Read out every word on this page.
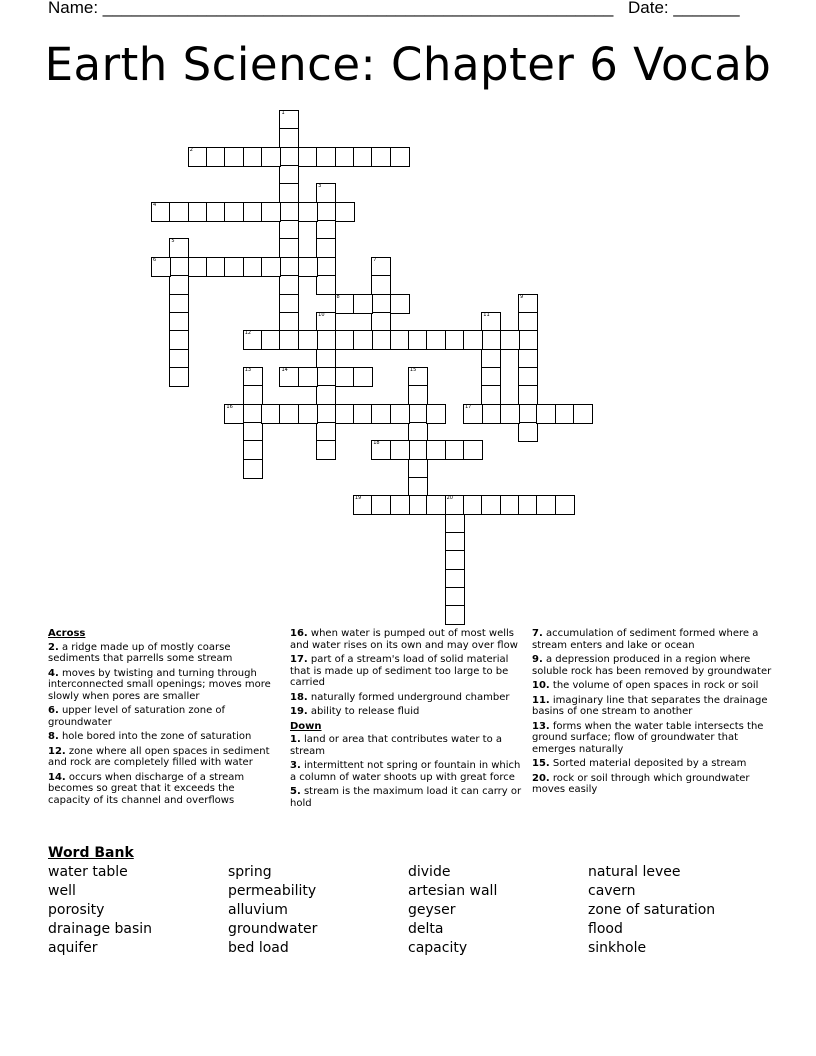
Name: ______________________________________________________ Date: _______
Earth Science: Chapter 6 Vocab
1
2
3
4
5
6	7
8	9
10	11
12
13	14	15
16	17
18
19	20

Across

2. a ridge made up of mostly coarse sediments that parrells some stream

4. moves by twisting and turning through interconnected small openings; moves more slowly when pores are smaller

6. upper level of saturation zone of groundwater

8. hole bored into the zone of saturation

12. zone where all open spaces in sediment and rock are completely filled with water

14. occurs when discharge of a stream becomes so great that it exceeds the capacity of its channel and overflows

16. when water is pumped out of most wells and water rises on its own and may over flow

17. part of a stream's load of solid material that is made up of sediment too large to be carried

18. naturally formed underground chamber

19. ability to release fluid

Down

1. land or area that contributes water to a stream

3. intermittent not spring or fountain in which a column of water shoots up with great force

5. stream is the maximum load it can carry or hold

7. accumulation of sediment formed where a stream enters and lake or ocean

9. a depression produced in a region where soluble rock has been removed by groundwater

10. the volume of open spaces in rock or soil

11. imaginary line that separates the drainage basins of one stream to another

13. forms when the water table intersects the ground surface; flow of groundwater that emerges naturally

15. Sorted material deposited by a stream

20. rock or soil through which groundwater moves easily

Word Bank
water table	spring	divide	natural levee
well	permeability	artesian wall	cavern
porosity	alluvium	geyser	zone of saturation
drainage basin	groundwater	delta	flood
aquifer	bed load	capacity	sinkhole
